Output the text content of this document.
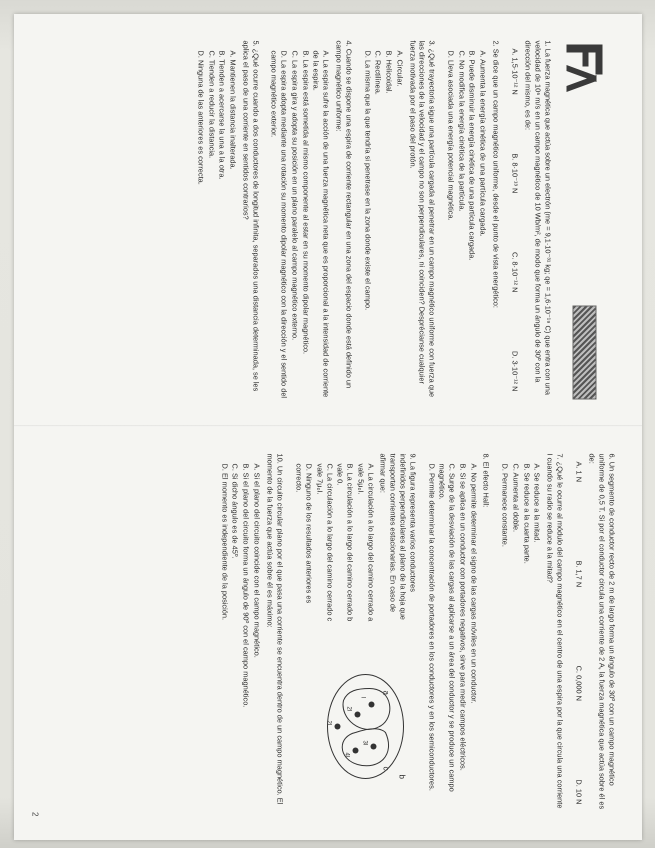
1. La fuerza magnética que actúa sobre un electrón (me = 9,1·10⁻³¹ kg; qe = 1,6·10⁻¹⁹ C) que entra con una velocidad de 10⁶ m/s en un campo magnético de 10 Wb/m², de modo que forma un ángulo de 30º con la dirección del mismo, es de:

A. 1,5·10⁻¹² N
B. 8·10⁻¹³ N
C. 8·10⁻¹² N
D. 3·10⁻¹² N

2. Se dice que un campo magnético uniforme, desde el punto de vista energético:

A. Aumenta la energía cinética de una partícula cargada.
B. Puede disminuir la energía cinética de una partícula cargada.
C. No modifica la energía cinética de la partícula.
D. Lleva asociada una energía potencial magnética.

3. ¿Qué trayectoria sigue una partícula cargada al penetrar en un campo magnético uniforme con fuerza que las direcciones de la velocidad y el campo no son perpendiculares, ni coinciden? Desprécianse cualquier fuerza motivada por el paso del protón.

A. Circular.
B. Helicoidal.
C. Rectilínea.
D. La misma que la que tendría si penetrase en la zona donde existe el campo.

4. Cuando se dispone una espira de corriente rectangular en una zona del espacio donde está definido un campo magnético uniforme:

A. La espira sufre la acción de una fuerza magnética neta que es proporcional a la intensidad de corriente de la espira.
B. La espira está sometida al mismo componente al estar en su momento dipolar magnético.
C. La espira gira y adopta su posición en un plano paralelo al campo magnético externo.
D. La espira adopta mediante una rotación su momento dipolar magnético con la dirección y el sentido del campo magnético exterior.

5. ¿Qué ocurre cuando a dos conductores de longitud infinita, separados una distancia determinada, se les aplica el paso de una corriente en sentidos contrarios?

A. Mantienen la distancia inalterada.
B. Tienden a acercarse la una a la otra.
C. Tienden a reducir la distancia.
D. Ninguna de las anteriores es correcta.

6. Un segmento de conductor recto de 2 m de largo forma un ángulo de 30º con un campo magnético uniforme de 0,5 T. Si por el conductor circula una corriente de 2 A, la fuerza magnética que actúa sobre él es de:

A. 1 N
B. 1,7 N
C. 0,000 N
D. 10 N

7. ¿Qué le ocurre al módulo del campo magnético en el centro de una espira por la que circula una corriente I cuando su radio se reduce a la mitad?

A. Se reduce a la mitad.
B. Se reduce a la cuarta parte.
C. Aumenta al doble.
D. Permanece constante.

8. El efecto Hall:

A. No permite determinar el signo de las cargas móviles en un conductor.
B. Si se aplica en un conductor con portadores negativos, sirve para medir campos eléctricos.
C. Surge de la desviación de las cargas al aplicarse a un área del conductor y se produce un campo magnético.
D. Permite determinar la concentración de portadores en los conductores y en los semiconductores.

9. La figura representa varios conductores indefinidos perpendiculares al plano de la hoja que transportan corrientes estacionarias. En caso de afirmar que:

A. La circulación a lo largo del camino cerrado a vale 5μ₀I.
B. La circulación a lo largo del camino cerrado b vale 0.
C. La circulación a lo largo del camino cerrado c vale 7μ₀I.
D. Ninguno de los resultados anteriores es correcto.
a
b
c
I
2I
3I
4I
2I

10. Un circuito circular plano por el que pasa una corriente se encuentra dentro de un campo magnético. El momento de la fuerza que actúa sobre él es máximo:

A. Si el plano del circuito coincide con el campo magnético.
B. Si el plano del circuito forma un ángulo de 90º con el campo magnético.
C. Si dicho ángulo es de 45º.
D. El momento es independiente de la posición.
2
